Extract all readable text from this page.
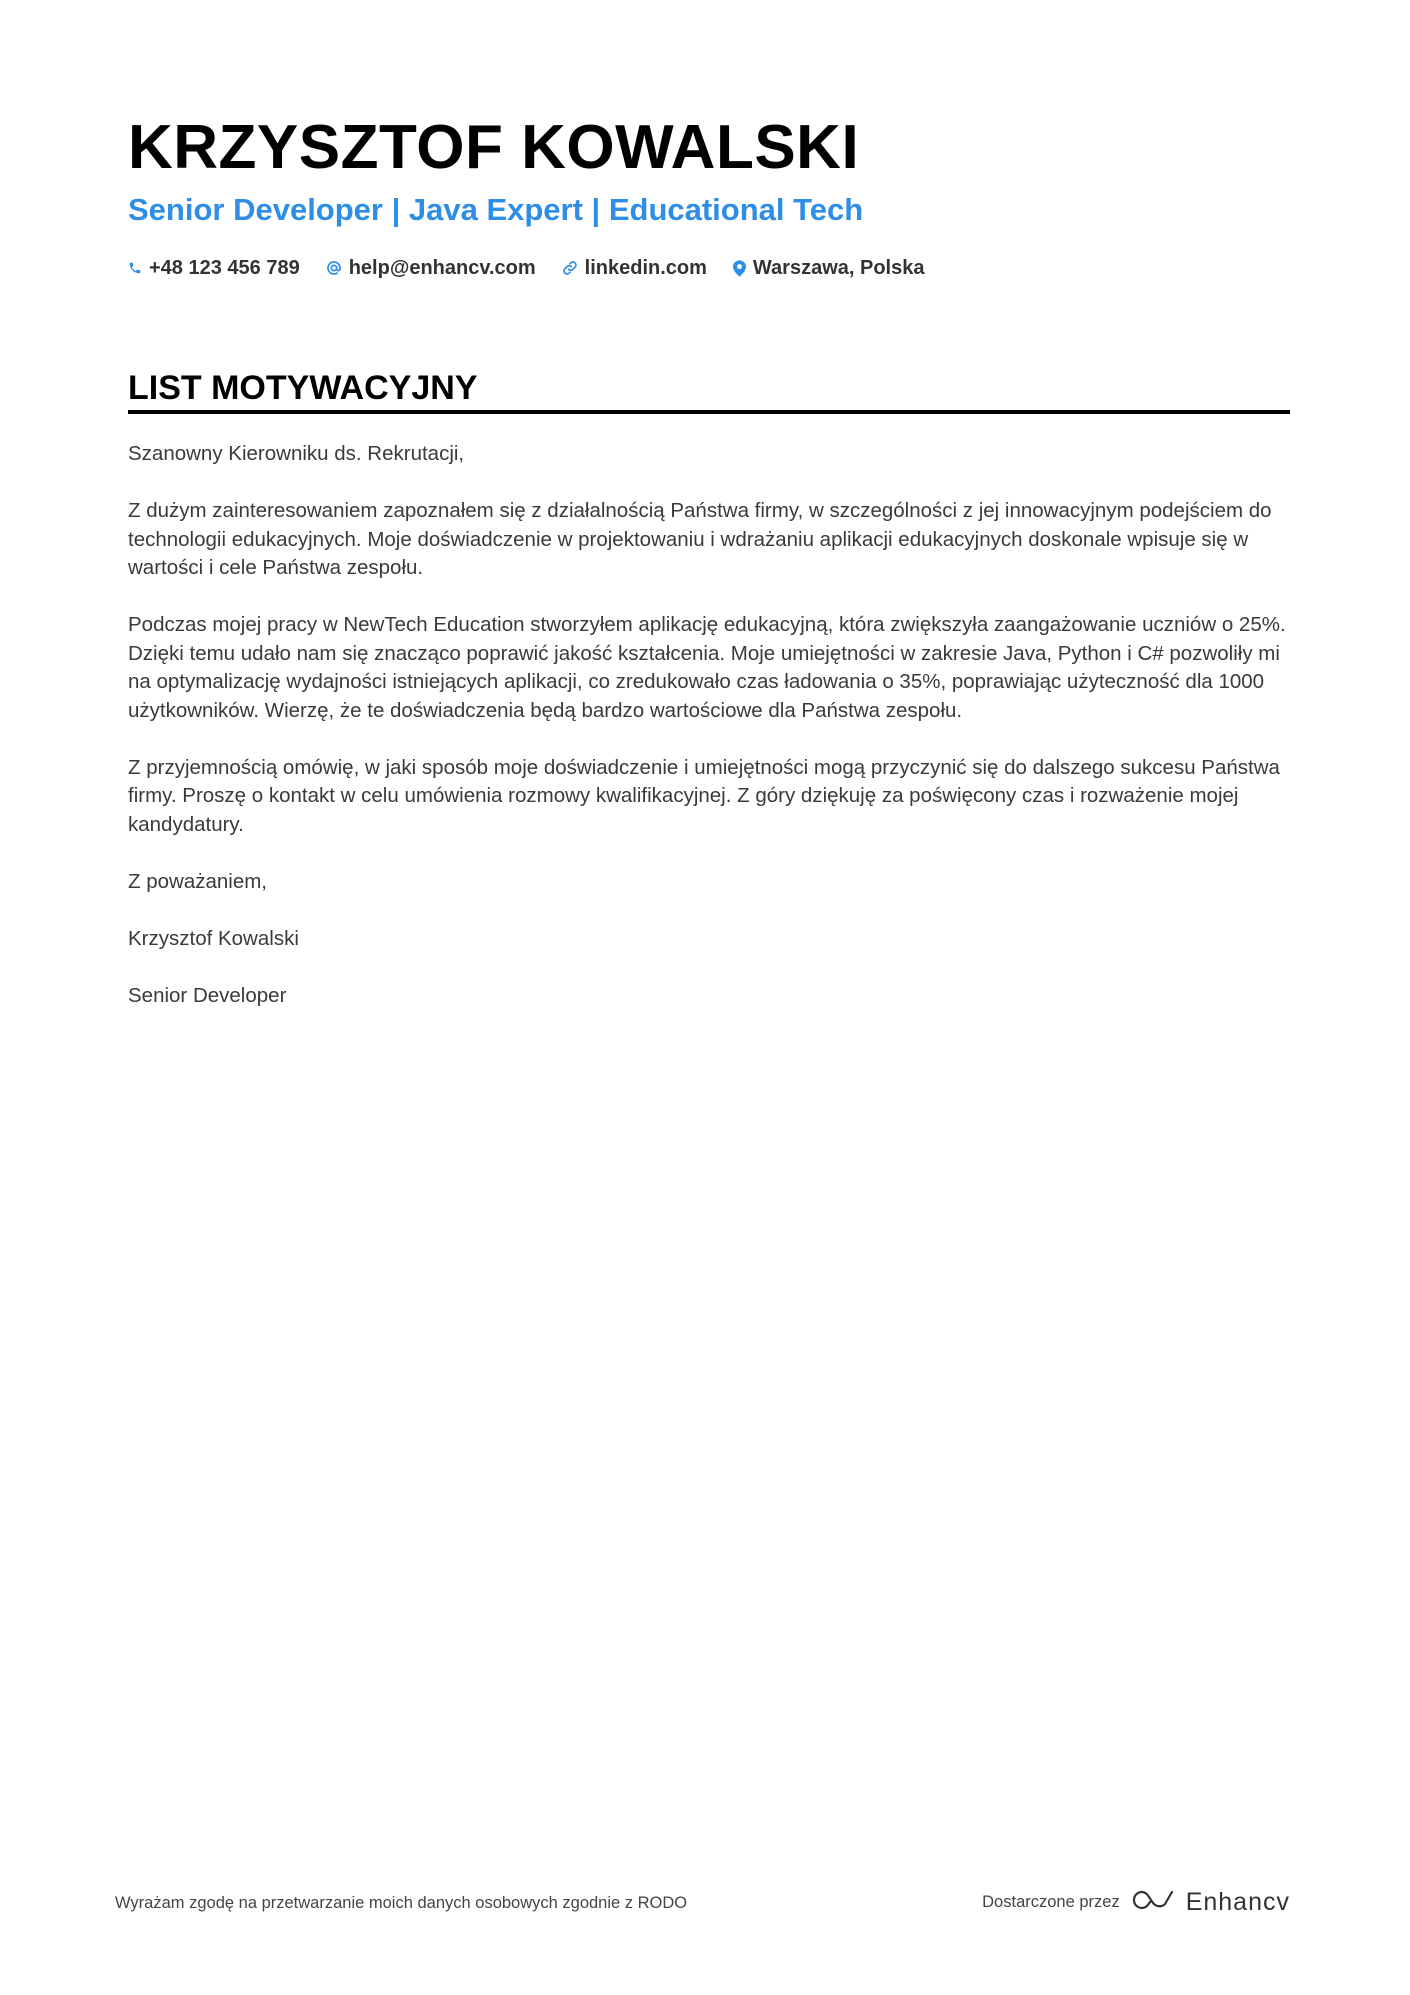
KRZYSZTOF KOWALSKI
Senior Developer | Java Expert | Educational Tech
+48 123 456 789 help@enhancv.com linkedin.com Warszawa, Polska
LIST MOTYWACYJNY

Szanowny Kierowniku ds. Rekrutacji,

Z dużym zainteresowaniem zapoznałem się z działalnością Państwa firmy, w szczególności z jej innowacyjnym podejściem do technologii edukacyjnych. Moje doświadczenie w projektowaniu i wdrażaniu aplikacji edukacyjnych doskonale wpisuje się w wartości i cele Państwa zespołu.

Podczas mojej pracy w NewTech Education stworzyłem aplikację edukacyjną, która zwiększyła zaangażowanie uczniów o 25%. Dzięki temu udało nam się znacząco poprawić jakość kształcenia. Moje umiejętności w zakresie Java, Python i C# pozwoliły mi na optymalizację wydajności istniejących aplikacji, co zredukowało czas ładowania o 35%, poprawiając użyteczność dla 1000 użytkowników. Wierzę, że te doświadczenia będą bardzo wartościowe dla Państwa zespołu.

Z przyjemnością omówię, w jaki sposób moje doświadczenie i umiejętności mogą przyczynić się do dalszego sukcesu Państwa firmy. Proszę o kontakt w celu umówienia rozmowy kwalifikacyjnej. Z góry dziękuję za poświęcony czas i rozważenie mojej kandydatury.

Z poważaniem,

Krzysztof Kowalski

Senior Developer

Wyrażam zgodę na przetwarzanie moich danych osobowych zgodnie z RODO	Dostarczone przez	Enhancv
